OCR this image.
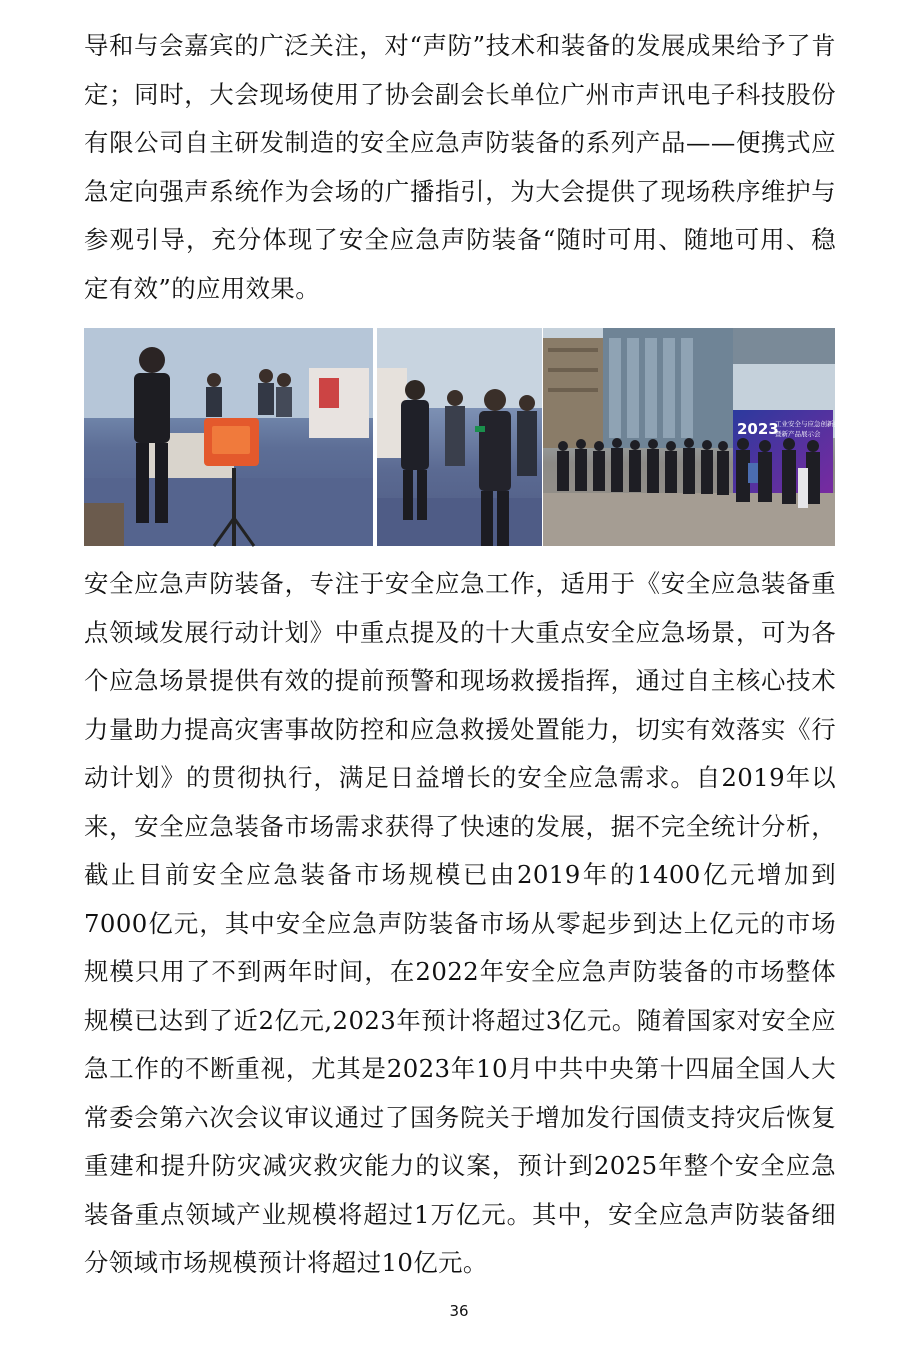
导和与会嘉宾的广泛关注，对“声防”技术和装备的发展成果给予了肯定；同时，大会现场使用了协会副会长单位广州市声讯电子科技股份有限公司自主研发制造的安全应急声防装备的系列产品——便携式应急定向强声系统作为会场的广播指引，为大会提供了现场秩序维护与参观引导，充分体现了安全应急声防装备“随时可用、随地可用、稳定有效”的应用效果。
2023
工业安全与应急创新技术
暨新产品展示会
安全应急声防装备，专注于安全应急工作，适用于《安全应急装备重点领域发展行动计划》中重点提及的十大重点安全应急场景，可为各个应急场景提供有效的提前预警和现场救援指挥，通过自主核心技术力量助力提高灾害事故防控和应急救援处置能力，切实有效落实《行动计划》的贯彻执行，满足日益增长的安全应急需求。自2019年以来，安全应急装备市场需求获得了快速的发展，据不完全统计分析，截止目前安全应急装备市场规模已由2019年的1400亿元增加到7000亿元，其中安全应急声防装备市场从零起步到达上亿元的市场规模只用了不到两年时间，在2022年安全应急声防装备的市场整体规模已达到了近2亿元,2023年预计将超过3亿元。随着国家对安全应急工作的不断重视，尤其是2023年10月中共中央第十四届全国人大常委会第六次会议审议通过了国务院关于增加发行国债支持灾后恢复重建和提升防灾减灾救灾能力的议案，预计到2025年整个安全应急装备重点领域产业规模将超过1万亿元。其中，安全应急声防装备细分领域市场规模预计将超过10亿元。
36
